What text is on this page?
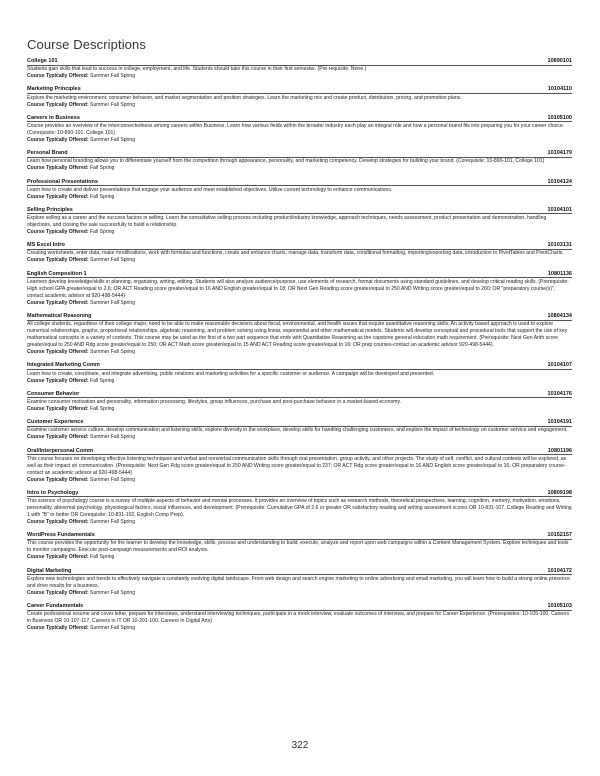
Course Descriptions
College 101	10890101
Students gain skills that lead to success in college, employment, and life. Students should take this course in their first semester. (Pre-requisite: None.)
Course Typically Offered: Summer Fall Spring
Marketing Principles	10104110
Explore the marketing environment, consumer behavior, and market segmentation and position strategies. Learn the marketing mix and create product, distribution, pricing, and promotion plans.
Course Typically Offered: Summer Fall Spring
Careers in Business	10105100
Course provides an overview of the interconnectedness among careers within Business. Learn how various fields within the broader industry each play an integral role and how a personal brand fits into preparing you for your career choice. (Corequisite: 10-890-101, College 101)
Course Typically Offered: Summer Fall Spring
Personal Brand	10104179
Learn how personal branding allows you to differentiate yourself from the competition through appearance, personality, and marketing competency. Develop strategies for building your brand. (Corequisite: 10-890-101, College 101)
Course Typically Offered: Fall Spring
Professional Presentations	10104124
Learn how to create and deliver presentations that engage your audience and meet established objectives. Utilize current technology to enhance communications.
Course Typically Offered: Fall Spring
Selling Principles	10104101
Explore selling as a career and the success factors in selling. Learn the consultative selling process including product/industry knowledge, approach techniques, needs assessment, product presentation and demonstration, handling objections, and closing the sale successfully to build a relationship.
Course Typically Offered: Fall Spring
MS Excel Intro	10103131
Creating worksheets, enter data, make modifications, work with formulas and functions, create and enhance charts, manage data, transform data, conditional formatting, importing/exporting data, introduction to PivotTables and PivotCharts.
Course Typically Offered: Summer Fall Spring
English Composition 1	10801136
Learners develop knowledge/skills in planning, organizing, writing, editing. Students will also analyze audience/purpose, use elements of research, format documents using standard guidelines, and develop critical reading skills. (Prerequisite: High school GPA greater/equal to 2.6; OR ACT Reading score greater/equal to 16 AND English greater/equal to 18; OR Next Gen Reading score greater/equal to 250 AND Writing score greater/equal to 260; OR "preparatory course(s)", contact academic advisor at 920-498-5444)
Course Typically Offered: Summer Fall Spring
Mathematical Reasoning	10804134
All college students, regardless of their college major, need to be able to make reasonable decisions about fiscal, environmental, and health issues that require quantitative reasoning skills. An activity based approach is used to explore numerical relationships, graphs, proportional relationships, algebraic reasoning, and problem solving using linear, exponential and other mathematical models. Students will develop conceptual and procedural tools that support the use of key mathematical concepts in a variety of contexts. This course may be used as the first of a two part sequence that ends with Quantitative Reasoning as the capstone general education math requirement. (Prerequisite: Next Gen Arith score greater/equal to 250 AND Rdg score greater/equal to 250; OR ACT Math score greater/equal to 15 AND ACT Reading score greater/equal to 16; OR prep courses-contact an academic advisor 920-498-5444).
Course Typically Offered: Summer Fall Spring
Integrated Marketing Comm	10104107
Learn how to create, coordinate, and integrate advertising, public relations and marketing activities for a specific customer or audience. A campaign will be developed and presented.
Course Typically Offered: Fall Spring
Consumer Behavior	10104176
Examine consumer motivation and personality, information processing, lifestyles, group influences, purchase and post-purchase behavior in a market-based economy.
Course Typically Offered: Fall Spring
Customer Experience	10104191
Examine customer service culture, develop communication and listening skills, explore diversity in the workplace, develop skills for handling challenging customers, and explore the impact of technology on customer service and engagement.
Course Typically Offered: Summer Fall Spring
Oral/Interpersonal Comm	10801196
This course focuses on developing effective listening techniques and verbal and nonverbal communication skills through oral presentation, group activity, and other projects. The study of self, conflict, and cultural contexts will be explored, as well as their impact on communication. (Prerequisite: Next Gen Rdg score greater/equal to 250 AND Writing score greater/equal to 237; OR ACT Rdg score greater/equal to 16 AND English score greater/equal to 16; OR preparatory course-contact an academic advisor at 920-498-5444)
Course Typically Offered: Summer Fall Spring
Intro to Psychology	10809198
This science of psychology course is a survey of multiple aspects of behavior and mental processes. It provides an overview of topics such as research methods, theoretical perspectives, learning, cognition, memory, motivation, emotions, personality, abnormal psychology, physiological factors, social influences, and development. (Prerequisite: Cumulative GPA of 2.6 or greater OR satisfactory reading and writing assessment scores OR 10-831-107, College Reading and Writing 1 with "B" or better OR Corequisite: 10-831-102, English Comp Prep).
Course Typically Offered: Summer Fall Spring
WordPress Fundamentals	10152157
This course provides the opportunity for the learner to develop the knowledge, skills, process and understanding to build, execute, analyze and report upon web campaigns within a Content Management System. Explore techniques and tools to monitor campaigns. Execute post-campaign measurements and ROI analysis.
Course Typically Offered: Fall Spring
Digital Marketing	10104172
Explore new technologies and trends to effectively navigate a constantly evolving digital landscape. From web design and search engine marketing to online advertising and email marketing, you will learn how to build a strong online presence and drive results for a business.
Course Typically Offered: Summer Fall Spring
Career Fundamentals	10105103
Create professional resume and cover letter, prepare for interviews, understand interviewing techniques, participate in a mock interview, evaluate outcomes of interview, and prepare for Career Experience. (Prerequisites: 10-105-100, Careers in Business OR 10-107-117, Careers in IT OR 10-201-100, Careers In Digital Arts)
Course Typically Offered: Summer Fall Spring
322
